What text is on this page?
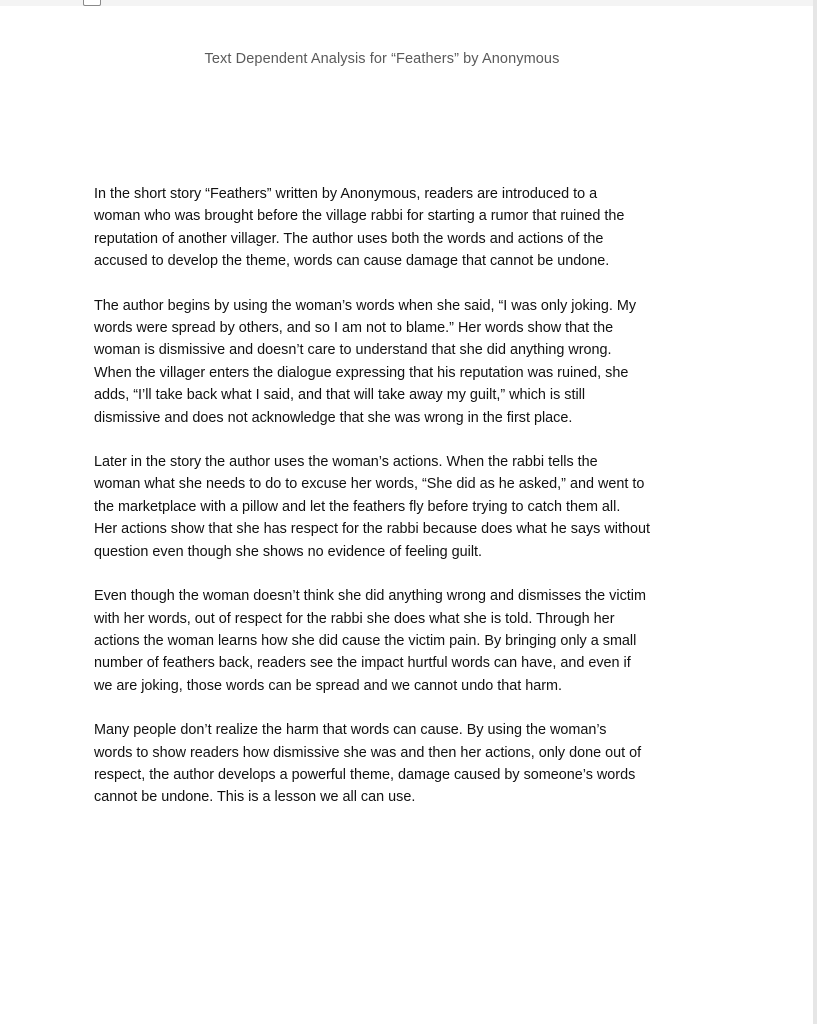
Text Dependent Analysis for “Feathers” by Anonymous

In the short story “Feathers” written by Anonymous, readers are introduced to a
woman who was brought before the village rabbi for starting a rumor that ruined the
reputation of another villager. The author uses both the words and actions of the
accused to develop the theme, words can cause damage that cannot be undone.

The author begins by using the woman’s words when she said, “I was only joking. My
words were spread by others, and so I am not to blame.” Her words show that the
woman is dismissive and doesn’t care to understand that she did anything wrong.
When the villager enters the dialogue expressing that his reputation was ruined, she
adds, “I’ll take back what I said, and that will take away my guilt,” which is still
dismissive and does not acknowledge that she was wrong in the first place.

Later in the story the author uses the woman’s actions. When the rabbi tells the
woman what she needs to do to excuse her words, “She did as he asked,” and went to
the marketplace with a pillow and let the feathers fly before trying to catch them all.
Her actions show that she has respect for the rabbi because does what he says without
question even though she shows no evidence of feeling guilt.

Even though the woman doesn’t think she did anything wrong and dismisses the victim
with her words, out of respect for the rabbi she does what she is told. Through her
actions the woman learns how she did cause the victim pain. By bringing only a small
number of feathers back, readers see the impact hurtful words can have, and even if
we are joking, those words can be spread and we cannot undo that harm.

Many people don’t realize the harm that words can cause. By using the woman’s
words to show readers how dismissive she was and then her actions, only done out of
respect, the author develops a powerful theme, damage caused by someone’s words
cannot be undone. This is a lesson we all can use.
